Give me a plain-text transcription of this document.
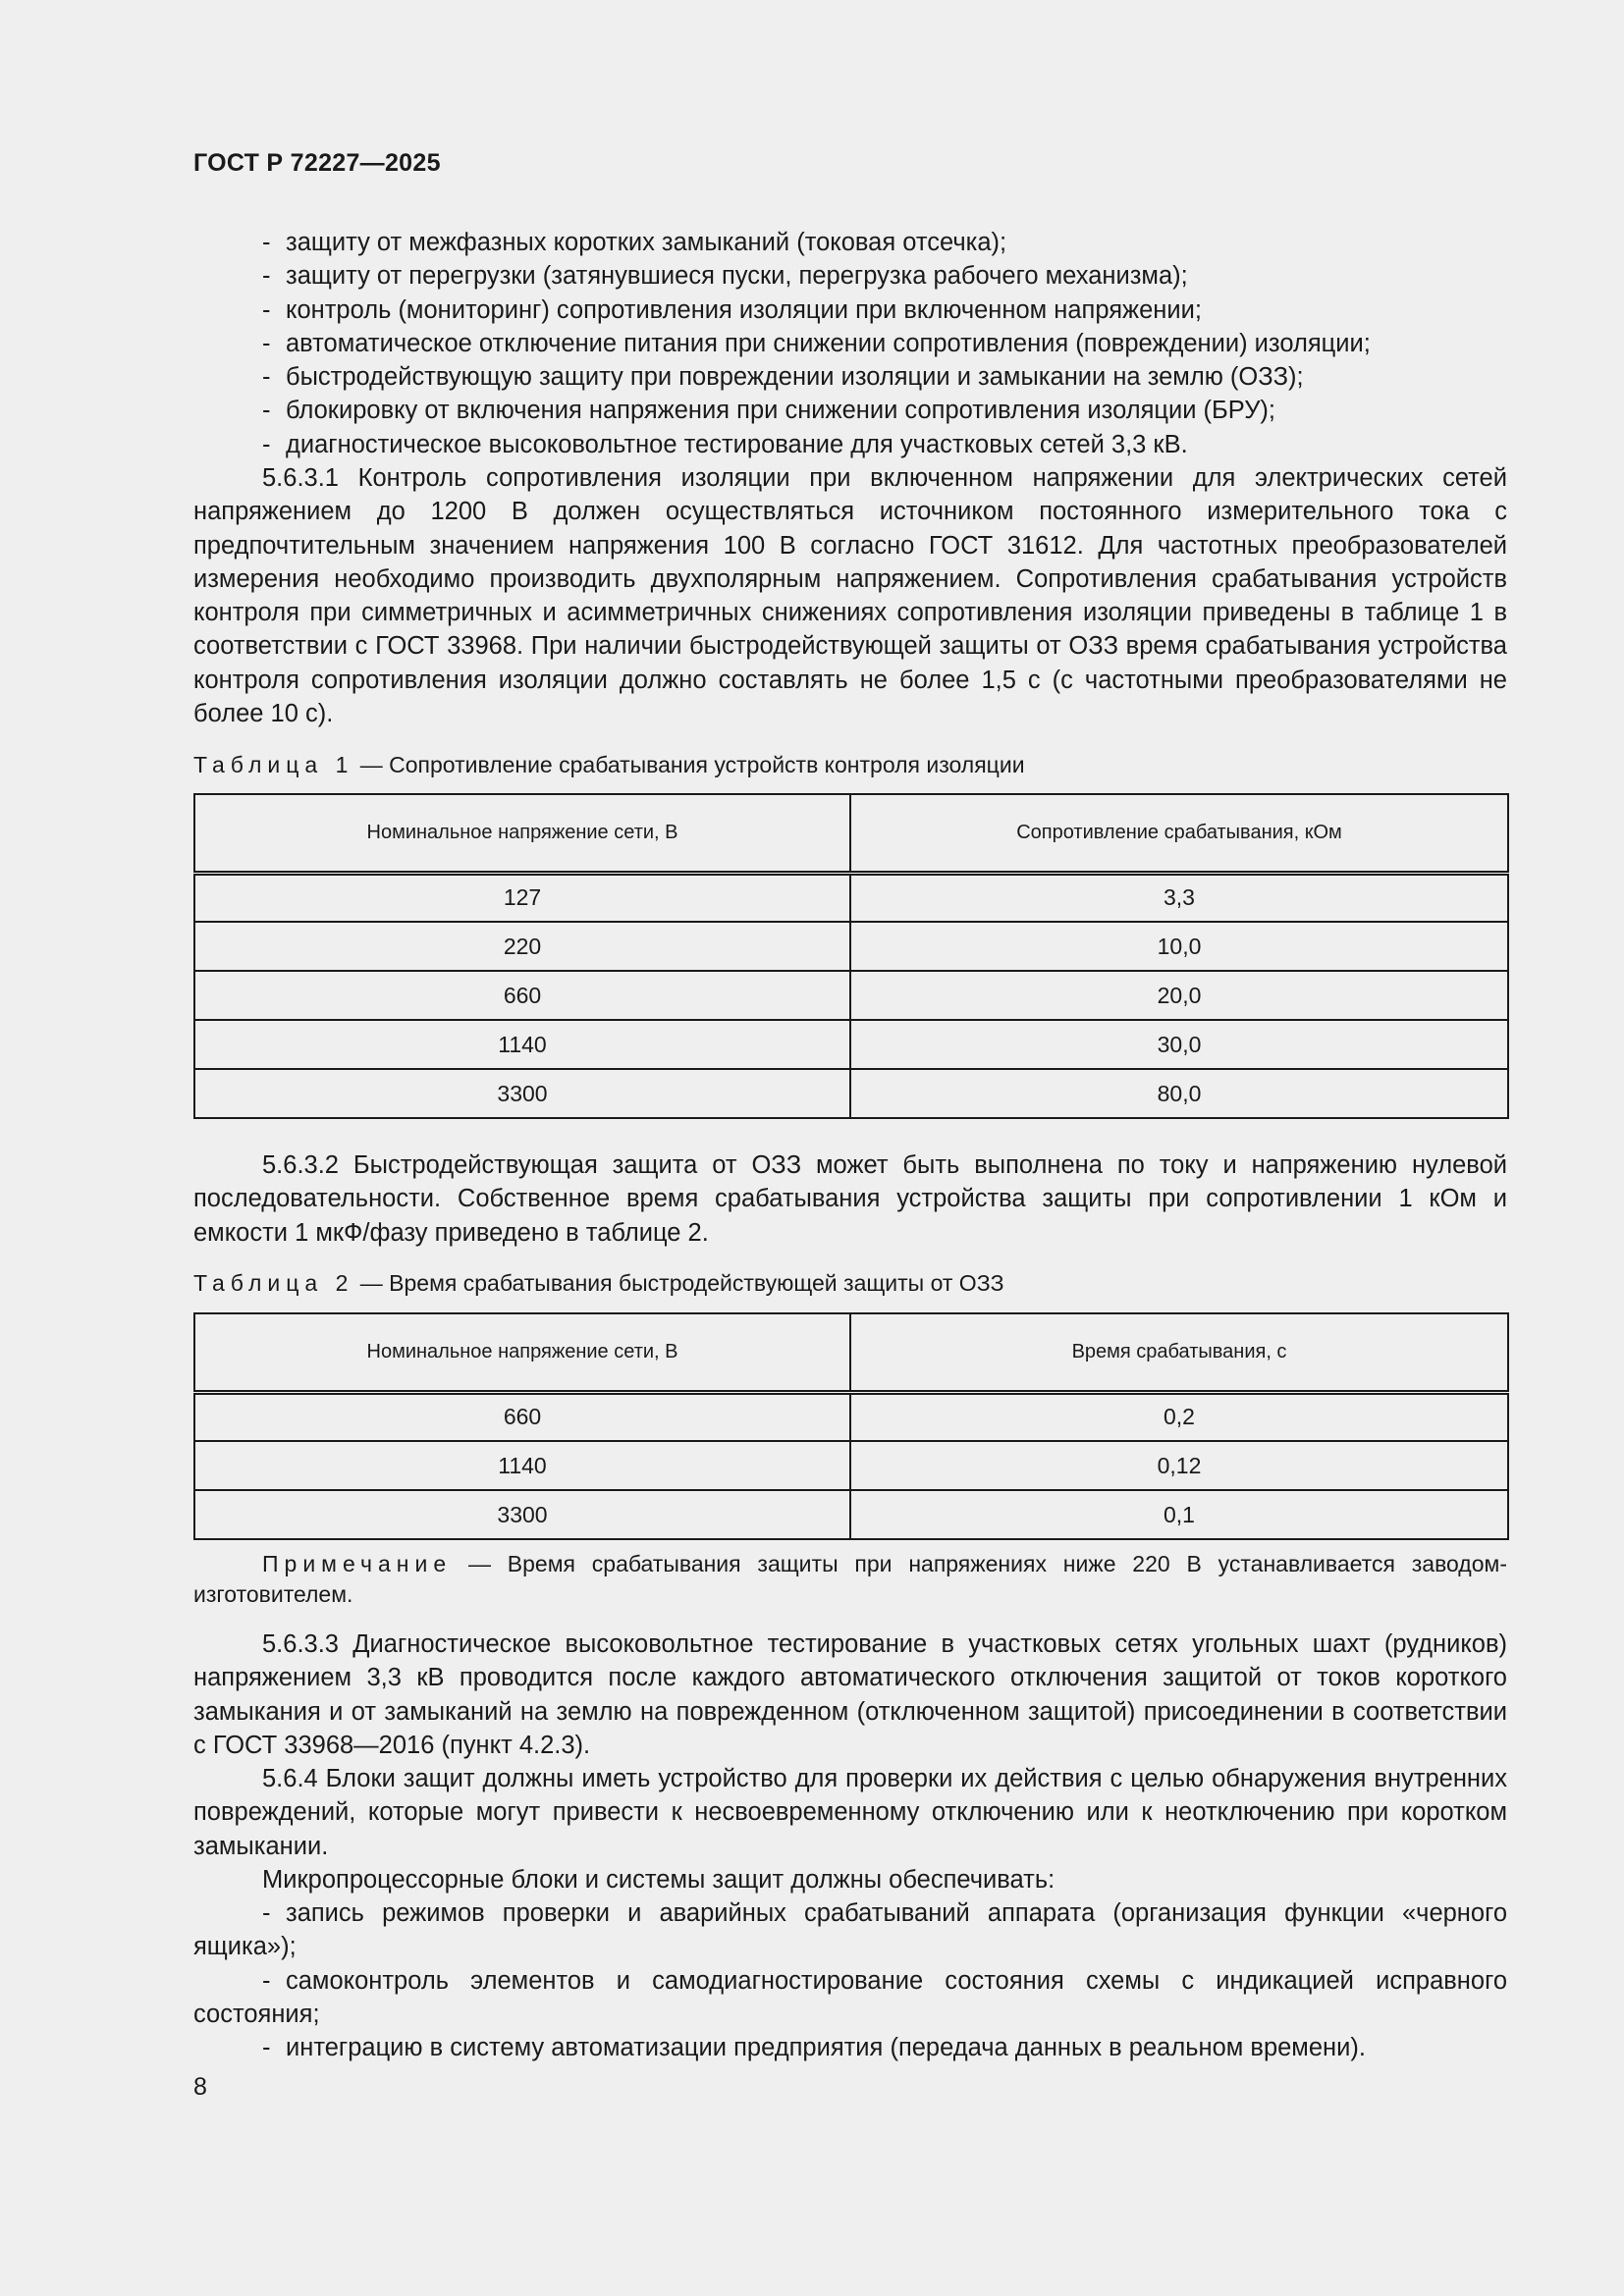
ГОСТ Р 72227—2025
- защиту от межфазных коротких замыканий (токовая отсечка);
- защиту от перегрузки (затянувшиеся пуски, перегрузка рабочего механизма);
- контроль (мониторинг) сопротивления изоляции при включенном напряжении;
- автоматическое отключение питания при снижении сопротивления (повреждении) изоляции;
- быстродействующую защиту при повреждении изоляции и замыкании на землю (ОЗЗ);
- блокировку от включения напряжения при снижении сопротивления изоляции (БРУ);
- диагностическое высоковольтное тестирование для участковых сетей 3,3 кВ.
5.6.3.1 Контроль сопротивления изоляции при включенном напряжении для электрических сетей напряжением до 1200 В должен осуществляться источником постоянного измерительного тока с предпочтительным значением напряжения 100 В согласно ГОСТ 31612. Для частотных преобразователей измерения необходимо производить двухполярным напряжением. Сопротивления срабатывания устройств контроля при симметричных и асимметричных снижениях сопротивления изоляции приведены в таблице 1 в соответствии с ГОСТ 33968. При наличии быстродействующей защиты от ОЗЗ время срабатывания устройства контроля сопротивления изоляции должно составлять не более 1,5 с (с частотными преобразователями не более 10 с).
Таблица 1 — Сопротивление срабатывания устройств контроля изоляции
Номинальное напряжение сети, В	Сопротивление срабатывания, кОм
127	3,3
220	10,0
660	20,0
1140	30,0
3300	80,0
5.6.3.2 Быстродействующая защита от ОЗЗ может быть выполнена по току и напряжению нулевой последовательности. Собственное время срабатывания устройства защиты при сопротивлении 1 кОм и емкости 1 мкФ/фазу приведено в таблице 2.
Таблица 2 — Время срабатывания быстродействующей защиты от ОЗЗ
Номинальное напряжение сети, В	Время срабатывания, с
660	0,2
1140	0,12
3300	0,1
Примечание — Время срабатывания защиты при напряжениях ниже 220 В устанавливается заводом-изготовителем.
5.6.3.3 Диагностическое высоковольтное тестирование в участковых сетях угольных шахт (рудников) напряжением 3,3 кВ проводится после каждого автоматического отключения защитой от токов короткого замыкания и от замыканий на землю на поврежденном (отключенном защитой) присоединении в соответствии с ГОСТ 33968—2016 (пункт 4.2.3).
5.6.4 Блоки защит должны иметь устройство для проверки их действия с целью обнаружения внутренних повреждений, которые могут привести к несвоевременному отключению или к неотключению при коротком замыкании.
Микропроцессорные блоки и системы защит должны обеспечивать:
- запись режимов проверки и аварийных срабатываний аппарата (организация функции «черного ящика»);
- самоконтроль элементов и самодиагностирование состояния схемы с индикацией исправного состояния;
- интеграцию в систему автоматизации предприятия (передача данных в реальном времени).
8
